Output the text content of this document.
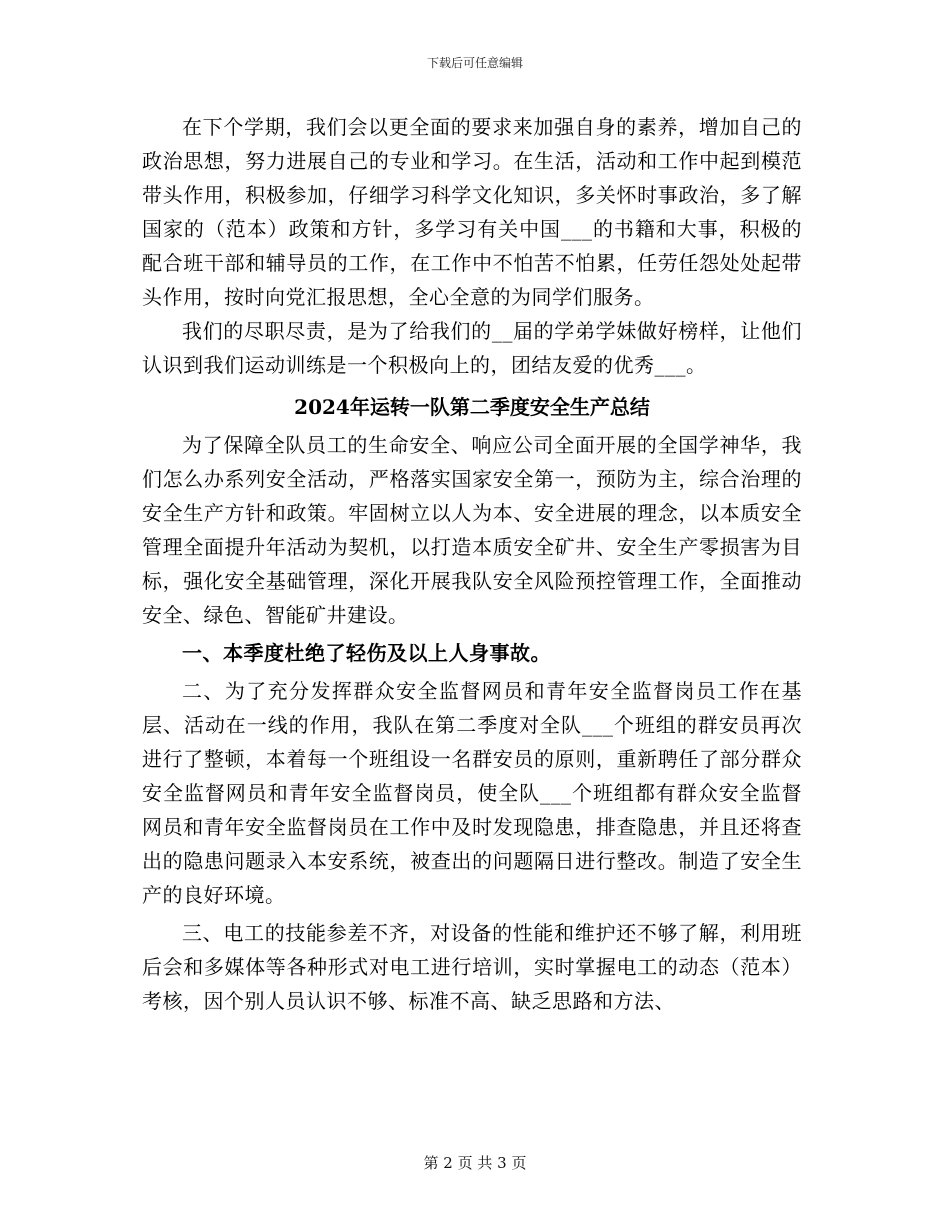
下载后可任意编辑

在下个学期，我们会以更全面的要求来加强自身的素养，增加自己的政治思想，努力进展自己的专业和学习。在生活，活动和工作中起到模范带头作用，积极参加，仔细学习科学文化知识，多关怀时事政治，多了解国家的（范本）政策和方针，多学习有关中国___的书籍和大事，积极的配合班干部和辅导员的工作，在工作中不怕苦不怕累，任劳任怨处处起带头作用，按时向党汇报思想，全心全意的为同学们服务。

我们的尽职尽责，是为了给我们的__届的学弟学妹做好榜样，让他们认识到我们运动训练是一个积极向上的，团结友爱的优秀___。

2024年运转一队第二季度安全生产总结

为了保障全队员工的生命安全、响应公司全面开展的全国学神华，我们怎么办系列安全活动，严格落实国家安全第一，预防为主，综合治理的安全生产方针和政策。牢固树立以人为本、安全进展的理念，以本质安全管理全面提升年活动为契机，以打造本质安全矿井、安全生产零损害为目标，强化安全基础管理，深化开展我队安全风险预控管理工作，全面推动安全、绿色、智能矿井建设。

一、本季度杜绝了轻伤及以上人身事故。

二、为了充分发挥群众安全监督网员和青年安全监督岗员工作在基层、活动在一线的作用，我队在第二季度对全队___个班组的群安员再次进行了整顿，本着每一个班组设一名群安员的原则，重新聘任了部分群众安全监督网员和青年安全监督岗员，使全队___个班组都有群众安全监督网员和青年安全监督岗员在工作中及时发现隐患，排查隐患，并且还将查出的隐患问题录入本安系统，被查出的问题隔日进行整改。制造了安全生产的良好环境。

三、电工的技能参差不齐，对设备的性能和维护还不够了解，利用班后会和多媒体等各种形式对电工进行培训，实时掌握电工的动态（范本）考核，因个别人员认识不够、标准不高、缺乏思路和方法、

第 2 页 共 3 页
